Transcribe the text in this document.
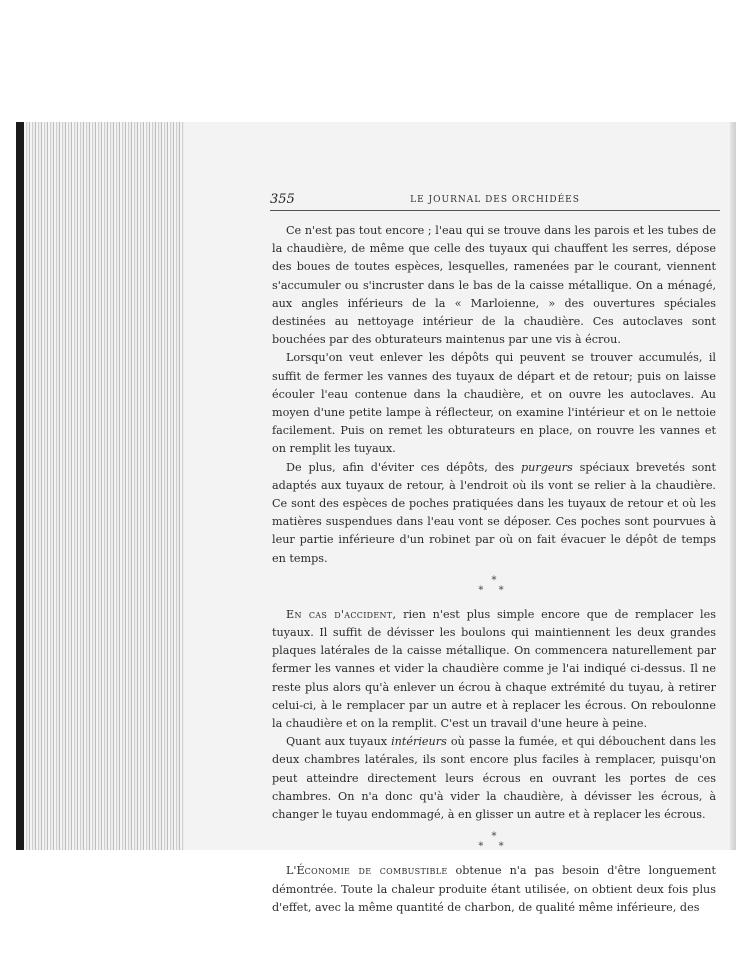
355	LE JOURNAL DES ORCHIDÉES

Ce n'est pas tout encore ; l'eau qui se trouve dans les parois et les tubes de la chaudière, de même que celle des tuyaux qui chauffent les serres, dépose des boues de toutes espèces, lesquelles, ramenées par le courant, viennent s'accumuler ou s'incruster dans le bas de la caisse métallique. On a ménagé, aux angles inférieurs de la « Marloienne, » des ouvertures spéciales destinées au nettoyage intérieur de la chaudière. Ces autoclaves sont bouchées par des obturateurs maintenus par une vis à écrou.

Lorsqu'on veut enlever les dépôts qui peuvent se trouver accumulés, il suffit de fermer les vannes des tuyaux de départ et de retour; puis on laisse écouler l'eau contenue dans la chaudière, et on ouvre les autoclaves. Au moyen d'une petite lampe à réflecteur, on examine l'intérieur et on le nettoie facilement. Puis on remet les obturateurs en place, on rouvre les vannes et on remplit les tuyaux.

De plus, afin d'éviter ces dépôts, des purgeurs spéciaux brevetés sont adaptés aux tuyaux de retour, à l'endroit où ils vont se relier à la chaudière. Ce sont des espèces de poches pratiquées dans les tuyaux de retour et où les matières suspendues dans l'eau vont se déposer. Ces poches sont pourvues à leur partie inférieure d'un robinet par où on fait évacuer le dépôt de temps en temps.

*
* *

En cas d'accident, rien n'est plus simple encore que de remplacer les tuyaux. Il suffit de dévisser les boulons qui maintiennent les deux grandes plaques latérales de la caisse métallique. On commencera naturellement par fermer les vannes et vider la chaudière comme je l'ai indiqué ci-dessus. Il ne reste plus alors qu'à enlever un écrou à chaque extrémité du tuyau, à retirer celui-ci, à le remplacer par un autre et à replacer les écrous. On reboulonne la chaudière et on la remplit. C'est un travail d'une heure à peine.

Quant aux tuyaux intérieurs où passe la fumée, et qui débouchent dans les deux chambres latérales, ils sont encore plus faciles à remplacer, puisqu'on peut atteindre directement leurs écrous en ouvrant les portes de ces chambres. On n'a donc qu'à vider la chaudière, à dévisser les écrous, à changer le tuyau endommagé, à en glisser un autre et à replacer les écrous.

*
* *

L'Économie de combustible obtenue n'a pas besoin d'être longuement démontrée. Toute la chaleur produite étant utilisée, on obtient deux fois plus d'effet, avec la même quantité de charbon, de qualité même inférieure, des
